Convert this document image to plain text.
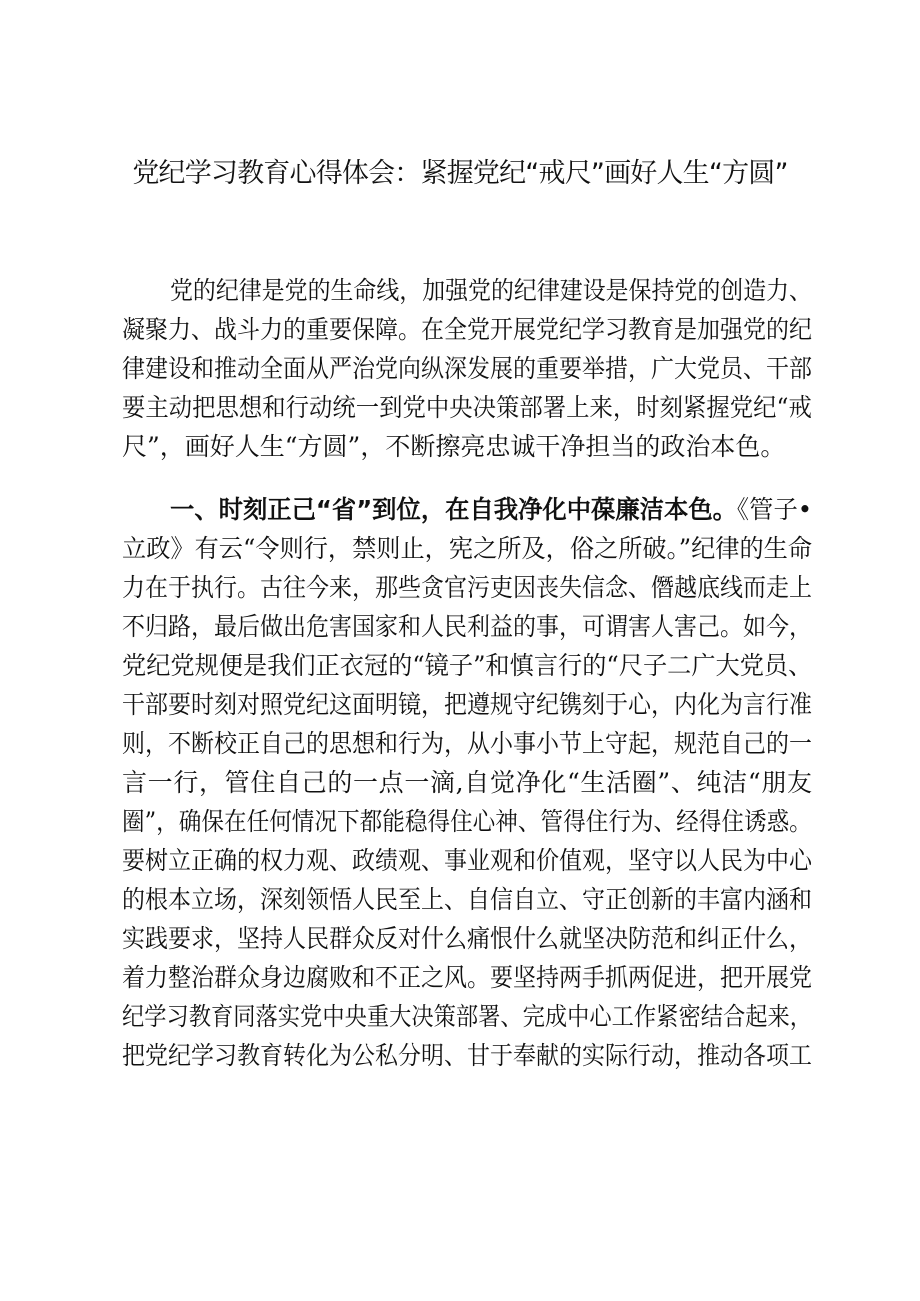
党纪学习教育心得体会：紧握党纪“戒尺”画好人生“方圆”
党的纪律是党的生命线，加强党的纪律建设是保持党的创造力、
凝聚力、战斗力的重要保障。在全党开展党纪学习教育是加强党的纪
律建设和推动全面从严治党向纵深发展的重要举措，广大党员、干部
要主动把思想和行动统一到党中央决策部署上来，时刻紧握党纪“戒
尺”，画好人生“方圆”，不断擦亮忠诚干净担当的政治本色。
一、时刻正己“省”到位，在自我净化中葆廉洁本色。《管子•
立政》有云“令则行，禁则止，宪之所及，俗之所破。”纪律的生命
力在于执行。古往今来，那些贪官污吏因丧失信念、僭越底线而走上
不归路，最后做出危害国家和人民利益的事，可谓害人害己。如今，
党纪党规便是我们正衣冠的“镜子”和慎言行的“尺子二广大党员、
干部要时刻对照党纪这面明镜，把遵规守纪镌刻于心，内化为言行准
则，不断校正自己的思想和行为，从小事小节上守起，规范自己的一
言一行，管住自己的一点一滴,自觉净化“生活圈”、纯洁“朋友
圈”，确保在任何情况下都能稳得住心神、管得住行为、经得住诱惑。
要树立正确的权力观、政绩观、事业观和价值观，坚守以人民为中心
的根本立场，深刻领悟人民至上、自信自立、守正创新的丰富内涵和
实践要求，坚持人民群众反对什么痛恨什么就坚决防范和纠正什么，
着力整治群众身边腐败和不正之风。要坚持两手抓两促进，把开展党
纪学习教育同落实党中央重大决策部署、完成中心工作紧密结合起来，
把党纪学习教育转化为公私分明、甘于奉献的实际行动，推动各项工
